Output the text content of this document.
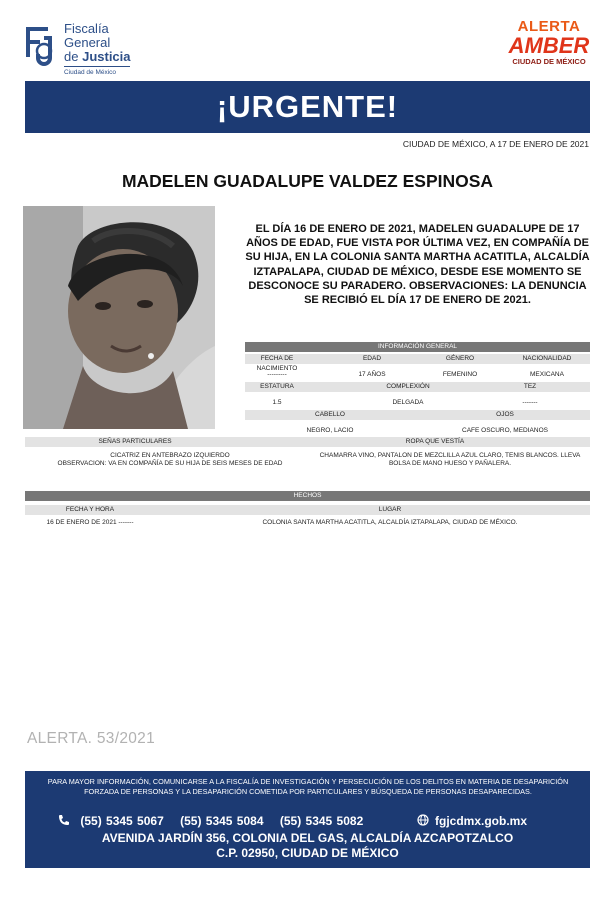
Fiscalía
General
de Justicia
Ciudad de México
ALERTA
AMBER
CIUDAD DE MÉXICO
¡URGENTE!
CIUDAD DE MÉXICO, A 17 DE ENERO DE 2021
MADELEN GUADALUPE VALDEZ ESPINOSA
EL DÍA 16 DE ENERO DE 2021, MADELEN GUADALUPE DE 17 AÑOS DE EDAD, FUE VISTA POR ÚLTIMA VEZ, EN COMPAÑÍA DE SU HIJA, EN LA COLONIA SANTA MARTHA ACATITLA, ALCALDÍA IZTAPALAPA, CIUDAD DE MÉXICO, DESDE ESE MOMENTO SE DESCONOCE SU PARADERO. OBSERVACIONES: LA DENUNCIA SE RECIBIÓ EL DÍA 17 DE ENERO DE 2021.
INFORMACIÓN GENERAL
FECHA DE NACIMIENTO
EDAD	GÉNERO	NACIONALIDAD
---------	17 AÑOS	FEMENINO	MEXICANA
ESTATURA	COMPLEXIÓN	TEZ
1.5	DELGADA	-------
CABELLO	OJOS
NEGRO, LACIO	CAFE OSCURO, MEDIANOS
SEÑAS PARTICULARES	ROPA QUE VESTÍA
CICATRIZ EN ANTEBRAZO IZQUIERDO
OBSERVACION: VA EN COMPAÑÍA DE SU HIJA DE SEIS MESES DE EDAD
CHAMARRA VINO, PANTALON DE MEZCLILLA AZUL CLARO, TENIS BLANCOS. LLEVA
BOLSA DE MANO HUESO Y PAÑALERA.
HECHOS
FECHA Y HORA	LUGAR
16 DE ENERO DE 2021 -------	COLONIA SANTA MARTHA ACATITLA, ALCALDÍA IZTAPALAPA, CIUDAD DE MÉXICO.
ALERTA. 53/2021
PARA MAYOR INFORMACIÓN, COMUNICARSE A LA FISCALÍA DE INVESTIGACIÓN Y PERSECUCIÓN DE LOS DELITOS EN MATERIA DE DESAPARICIÓN FORZADA DE PERSONAS Y LA DESAPARICIÓN COMETIDA POR PARTICULARES Y BÚSQUEDA DE PERSONAS DESAPARECIDAS.
(55) 5345 5067 (55) 5345 5084 (55) 5345 5082	fgjcdmx.gob.mx
AVENIDA JARDÍN 356, COLONIA DEL GAS, ALCALDÍA AZCAPOTZALCO
C.P. 02950, CIUDAD DE MÉXICO
